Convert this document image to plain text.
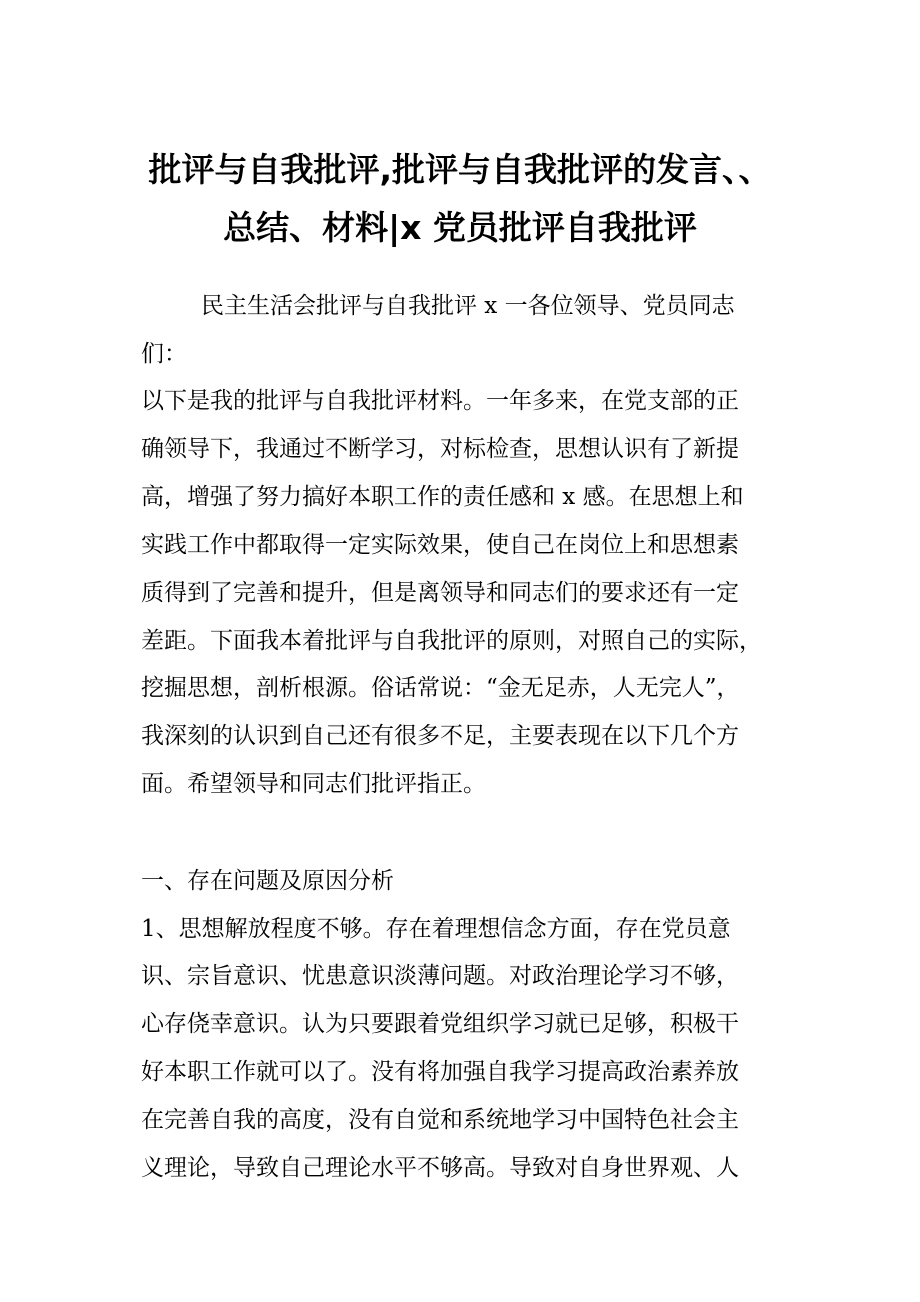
批评与自我批评,批评与自我批评的发言、、
总结、材料|x 党员批评自我批评
民主生活会批评与自我批评 x 一各位领导、党员同志
们：
以下是我的批评与自我批评材料。一年多来，在党支部的正
确领导下，我通过不断学习，对标检查，思想认识有了新提
高，增强了努力搞好本职工作的责任感和 x 感。在思想上和
实践工作中都取得一定实际效果，使自己在岗位上和思想素
质得到了完善和提升，但是离领导和同志们的要求还有一定
差距。下面我本着批评与自我批评的原则，对照自己的实际，
挖掘思想，剖析根源。俗话常说：“金无足赤，人无完人”，
我深刻的认识到自己还有很多不足，主要表现在以下几个方
面。希望领导和同志们批评指正。
一、存在问题及原因分析
1、思想解放程度不够。存在着理想信念方面，存在党员意
识、宗旨意识、忧患意识淡薄问题。对政治理论学习不够，
心存侥幸意识。认为只要跟着党组织学习就已足够，积极干
好本职工作就可以了。没有将加强自我学习提高政治素养放
在完善自我的高度，没有自觉和系统地学习中国特色社会主
义理论，导致自己理论水平不够高。导致对自身世界观、人
